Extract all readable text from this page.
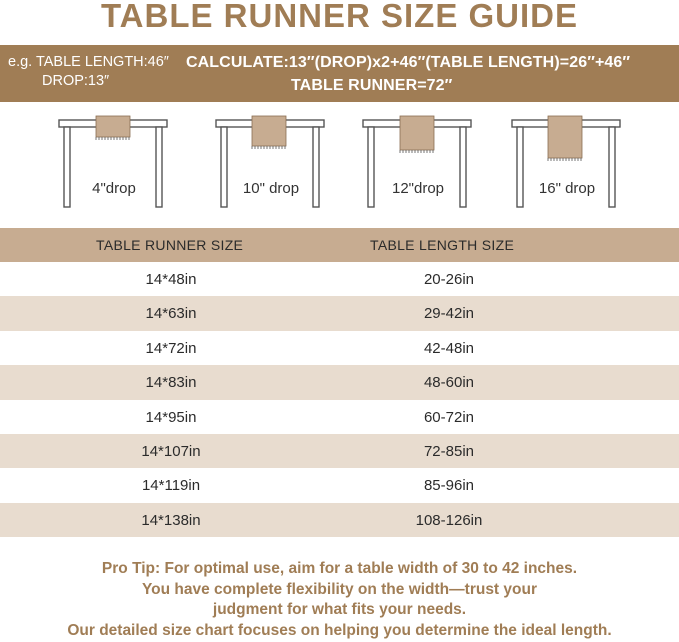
TABLE RUNNER SIZE GUIDE
e.g. TABLE LENGTH:46″
DROP:13″
CALCULATE:13″(DROP)x2+46″(TABLE LENGTH)=26″+46″
TABLE RUNNER=72″
4"drop	10" drop	12"drop	16" drop
TABLE RUNNER SIZE	TABLE LENGTH SIZE
14*48in	20-26in
14*63in	29-42in
14*72in	42-48in
14*83in	48-60in
14*95in	60-72in
14*107in	72-85in
14*119in	85-96in
14*138in	108-126in
Pro Tip: For optimal use, aim for a table width of 30 to 42 inches.
You have complete flexibility on the width—trust your
judgment for what fits your needs.
Our detailed size chart focuses on helping you determine the ideal length.
